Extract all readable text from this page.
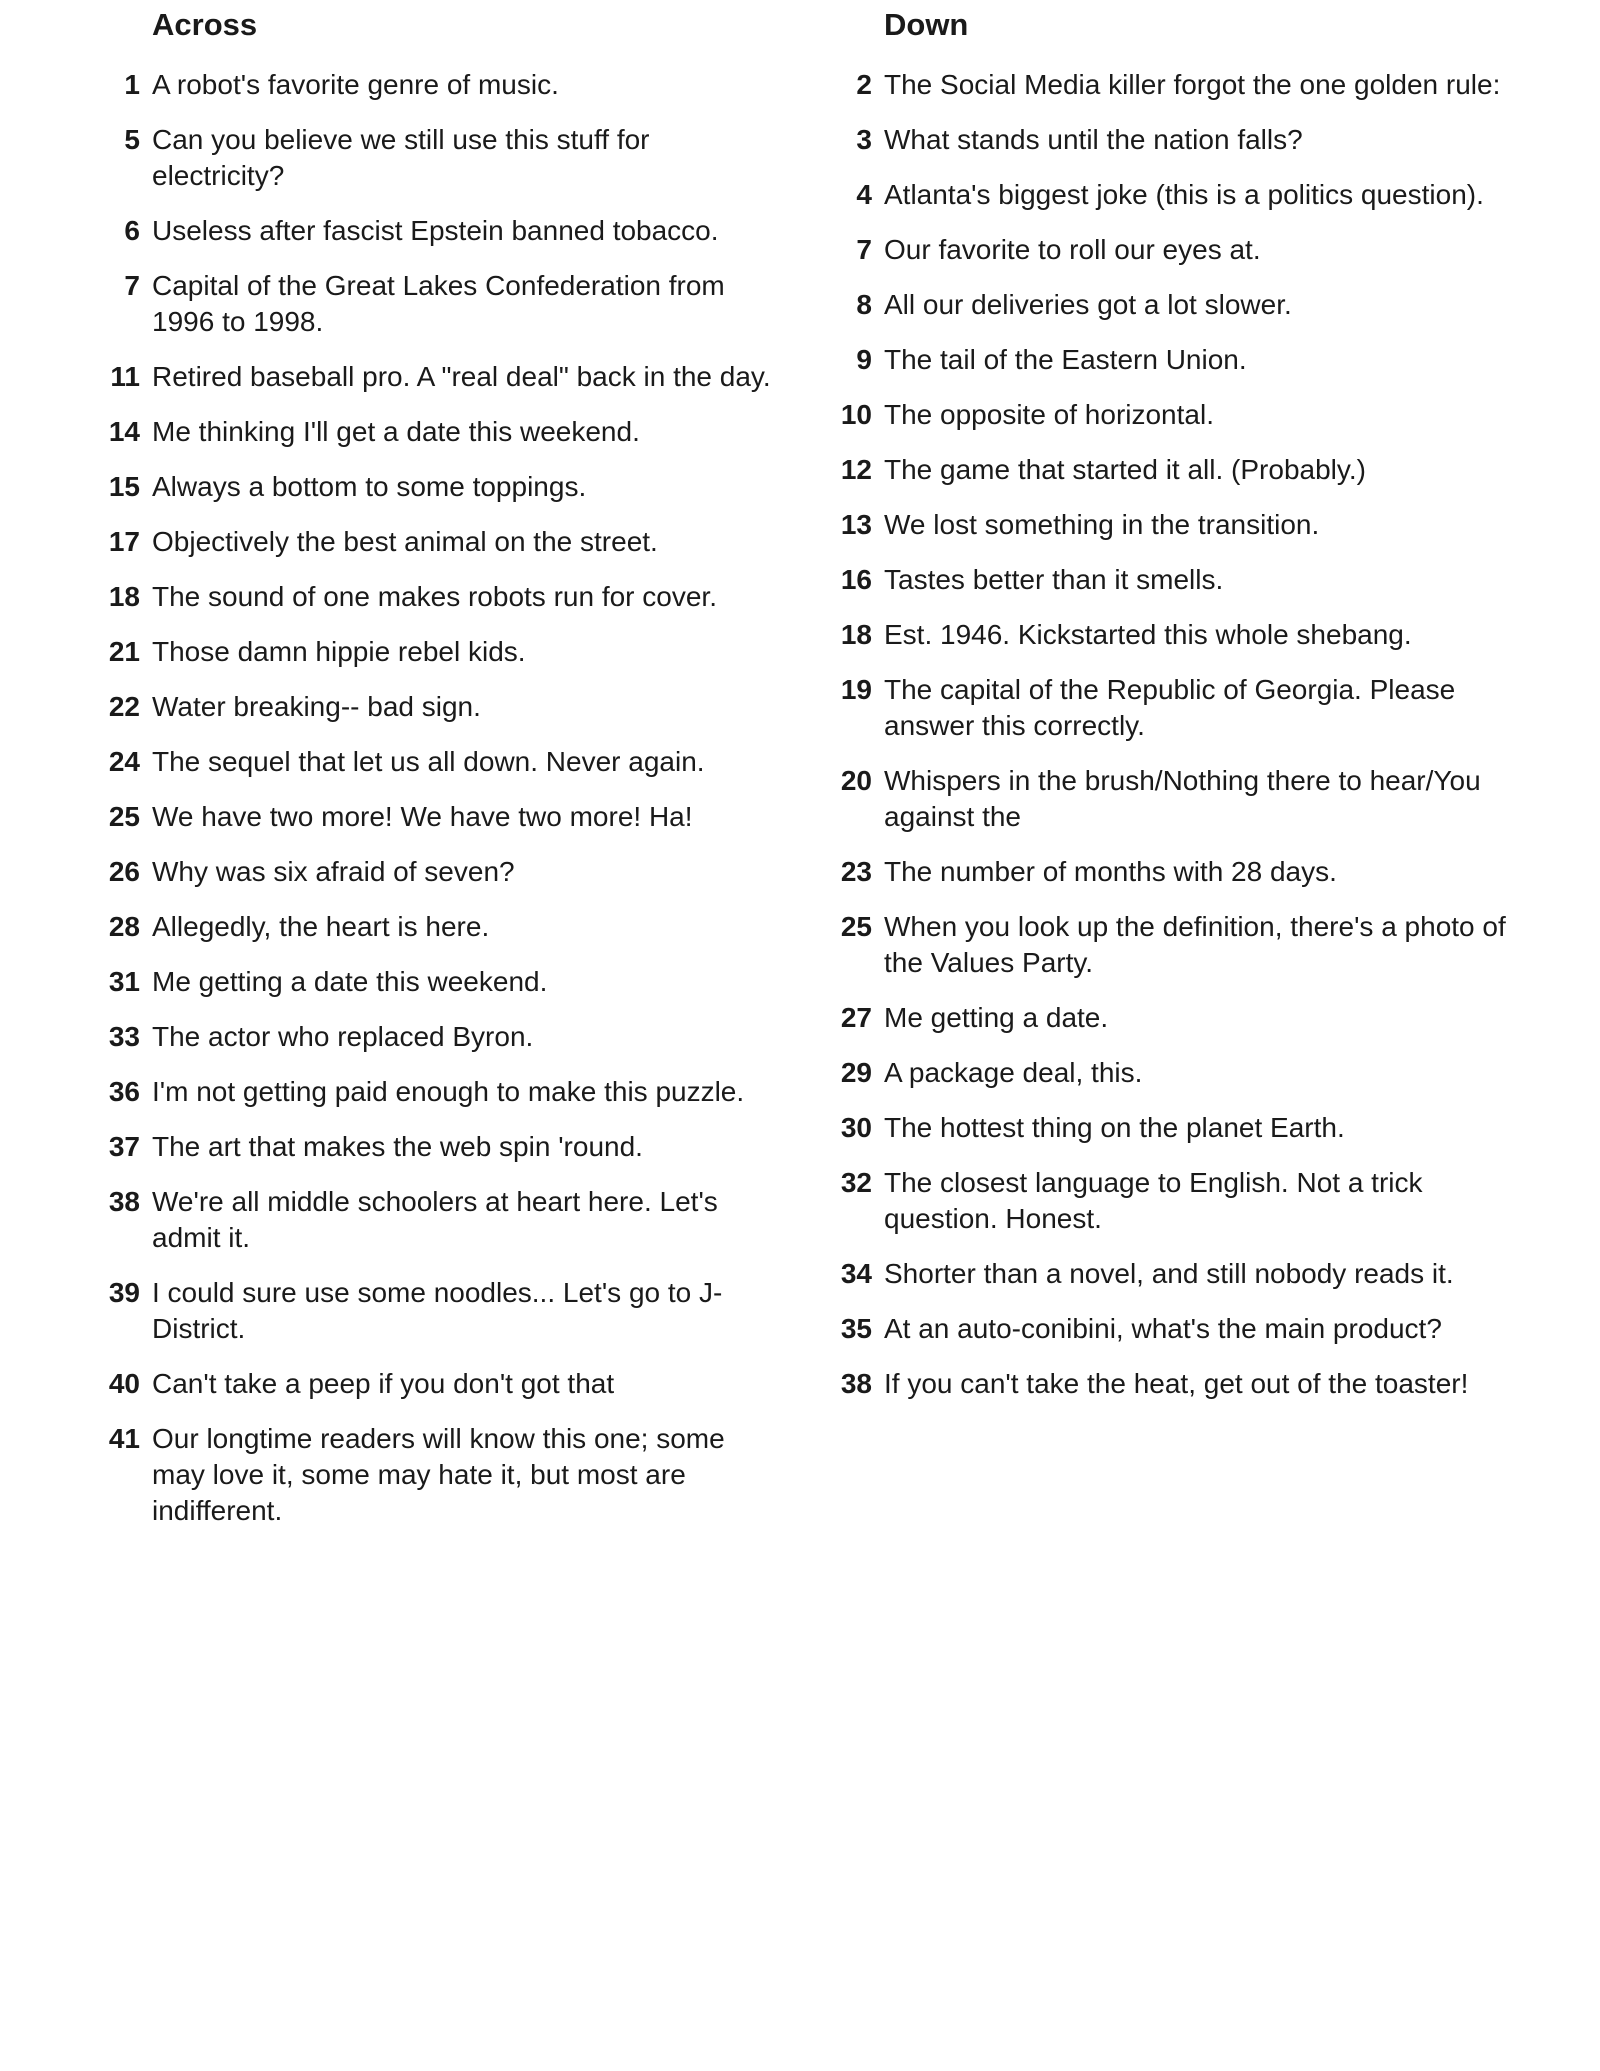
Across
1 A robot's favorite genre of music.
5 Can you believe we still use this stuff for electricity?
6 Useless after fascist Epstein banned tobacco.
7 Capital of the Great Lakes Confederation from 1996 to 1998.
11 Retired baseball pro. A "real deal" back in the day.
14 Me thinking I'll get a date this weekend.
15 Always a bottom to some toppings.
17 Objectively the best animal on the street.
18 The sound of one makes robots run for cover.
21 Those damn hippie rebel kids.
22 Water breaking-- bad sign.
24 The sequel that let us all down. Never again.
25 We have two more! We have two more! Ha!
26 Why was six afraid of seven?
28 Allegedly, the heart is here.
31 Me getting a date this weekend.
33 The actor who replaced Byron.
36 I'm not getting paid enough to make this puzzle.
37 The art that makes the web spin 'round.
38 We're all middle schoolers at heart here. Let's admit it.
39 I could sure use some noodles... Let's go to J-District.
40 Can't take a peep if you don't got that
41 Our longtime readers will know this one; some may love it, some may hate it, but most are indifferent.
Down
2 The Social Media killer forgot the one golden rule:
3 What stands until the nation falls?
4 Atlanta's biggest joke (this is a politics question).
7 Our favorite to roll our eyes at.
8 All our deliveries got a lot slower.
9 The tail of the Eastern Union.
10 The opposite of horizontal.
12 The game that started it all. (Probably.)
13 We lost something in the transition.
16 Tastes better than it smells.
18 Est. 1946. Kickstarted this whole shebang.
19 The capital of the Republic of Georgia. Please answer this correctly.
20 Whispers in the brush/Nothing there to hear/You against the
23 The number of months with 28 days.
25 When you look up the definition, there's a photo of the Values Party.
27 Me getting a date.
29 A package deal, this.
30 The hottest thing on the planet Earth.
32 The closest language to English. Not a trick question. Honest.
34 Shorter than a novel, and still nobody reads it.
35 At an auto-conibini, what's the main product?
38 If you can't take the heat, get out of the toaster!
